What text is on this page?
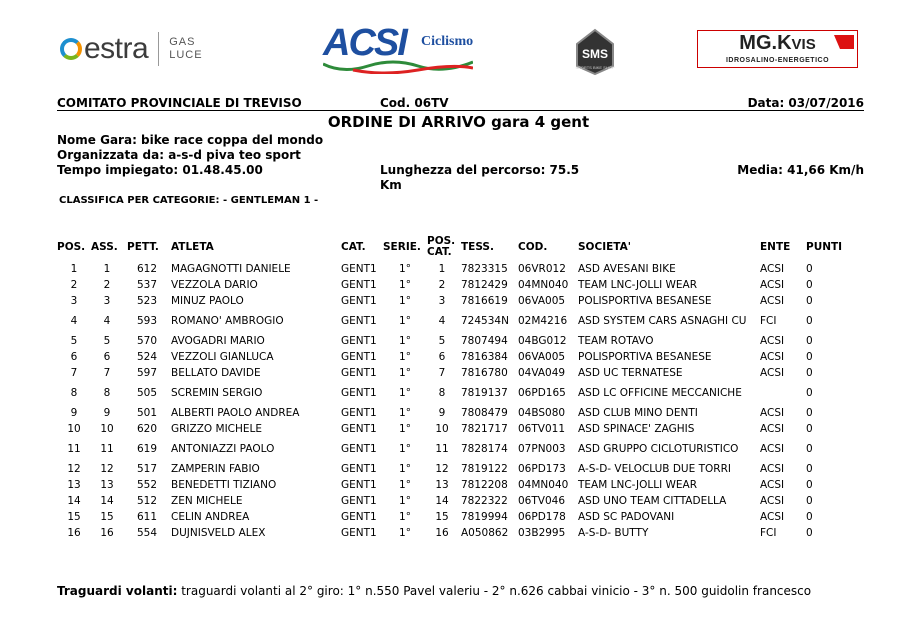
estra GAS
LUCE	ACSI Ciclismo
SMS
SPORTS BIKE SHOP
MG.KVIS
IDROSALINO-ENERGETICO
COMITATO PROVINCIALE DI TREVISO	Cod. 06TV	Data: 03/07/2016
ORDINE DI ARRIVO gara 4 gent
Nome Gara: bike race coppa del mondo
Organizzata da: a-s-d piva teo sport
Tempo impiegato: 01.48.45.00	Lunghezza del percorso: 75.5
Km
Media: 41,66 Km/h
CLASSIFICA PER CATEGORIE: - GENTLEMAN 1 -
POS.	ASS.	PETT.	ATLETA	CAT.	SERIE.	POS.
CAT.	TESS.	COD.	SOCIETA'	ENTE	PUNTI
1	1	612	MAGAGNOTTI DANIELE	GENT1	1°	1	7823315	06VR012	ASD AVESANI BIKE	ACSI	0
2	2	537	VEZZOLA DARIO	GENT1	1°	2	7812429	04MN040	TEAM LNC-JOLLI WEAR	ACSI	0
3	3	523	MINUZ PAOLO	GENT1	1°	3	7816619	06VA005	POLISPORTIVA BESANESE	ACSI	0
4	4	593	ROMANO' AMBROGIO	GENT1	1°	4	724534N	02M4216	ASD SYSTEM CARS ASNAGHI CU	FCI	0
5	5	570	AVOGADRI MARIO	GENT1	1°	5	7807494	04BG012	TEAM ROTAVO	ACSI	0
6	6	524	VEZZOLI GIANLUCA	GENT1	1°	6	7816384	06VA005	POLISPORTIVA BESANESE	ACSI	0
7	7	597	BELLATO DAVIDE	GENT1	1°	7	7816780	04VA049	ASD UC TERNATESE	ACSI	0
8	8	505	SCREMIN SERGIO	GENT1	1°	8	7819137	06PD165	ASD LC OFFICINE MECCANICHE		0
9	9	501	ALBERTI PAOLO ANDREA	GENT1	1°	9	7808479	04BS080	ASD CLUB MINO DENTI	ACSI	0
10	10	620	GRIZZO MICHELE	GENT1	1°	10	7821717	06TV011	ASD SPINACE' ZAGHIS	ACSI	0
11	11	619	ANTONIAZZI PAOLO	GENT1	1°	11	7828174	07PN003	ASD GRUPPO CICLOTURISTICO	ACSI	0
12	12	517	ZAMPERIN FABIO	GENT1	1°	12	7819122	06PD173	A-S-D- VELOCLUB DUE TORRI	ACSI	0
13	13	552	BENEDETTI TIZIANO	GENT1	1°	13	7812208	04MN040	TEAM LNC-JOLLI WEAR	ACSI	0
14	14	512	ZEN MICHELE	GENT1	1°	14	7822322	06TV046	ASD UNO TEAM CITTADELLA	ACSI	0
15	15	611	CELIN ANDREA	GENT1	1°	15	7819994	06PD178	ASD SC PADOVANI	ACSI	0
16	16	554	DUJNISVELD ALEX	GENT1	1°	16	A050862	03B2995	A-S-D- BUTTY	FCI	0
Traguardi volanti: traguardi volanti al 2° giro: 1° n.550 Pavel valeriu - 2° n.626 cabbai vinicio - 3° n. 500 guidolin francesco
